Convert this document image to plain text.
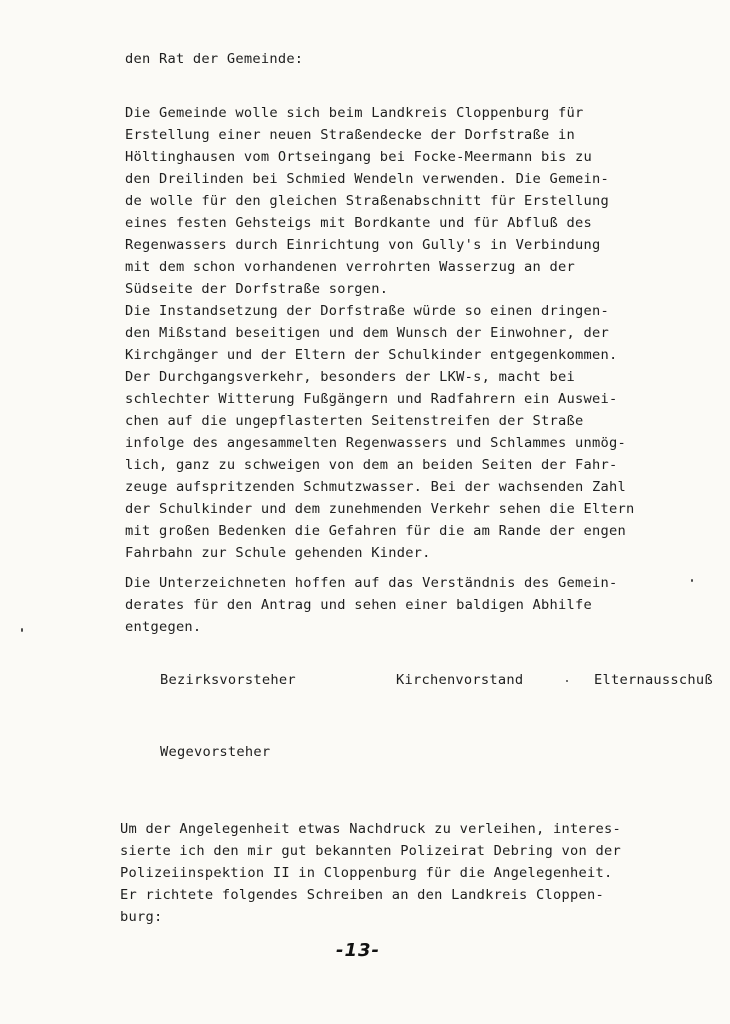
den Rat der Gemeinde:
Die Gemeinde wolle sich beim Landkreis Cloppenburg für
Erstellung einer neuen Straßendecke der Dorfstraße in
Höltinghausen vom Ortseingang bei Focke-Meermann bis zu
den Dreilinden bei Schmied Wendeln verwenden. Die Gemein-
de wolle für den gleichen Straßenabschnitt für Erstellung
eines festen Gehsteigs mit Bordkante und für Abfluß des
Regenwassers durch Einrichtung von Gully's in Verbindung
mit dem schon vorhandenen verrohrten Wasserzug an der
Südseite der Dorfstraße sorgen.
Die Instandsetzung der Dorfstraße würde so einen dringen-
den Mißstand beseitigen und dem Wunsch der Einwohner, der
Kirchgänger und der Eltern der Schulkinder entgegenkommen.
Der Durchgangsverkehr, besonders der LKW-s, macht bei
schlechter Witterung Fußgängern und Radfahrern ein Auswei-
chen auf die ungepflasterten Seitenstreifen der Straße
infolge des angesammelten Regenwassers und Schlammes unmög-
lich, ganz zu schweigen von dem an beiden Seiten der Fahr-
zeuge aufspritzenden Schmutzwasser. Bei der wachsenden Zahl
der Schulkinder und dem zunehmenden Verkehr sehen die Eltern
mit großen Bedenken die Gefahren für die am Rande der engen
Fahrbahn zur Schule gehenden Kinder.
Die Unterzeichneten hoffen auf das Verständnis des Gemein-
derates für den Antrag und sehen einer baldigen Abhilfe
entgegen.
Bezirksvorsteher	Kirchenvorstand	Elternausschuß
Wegevorsteher
Um der Angelegenheit etwas Nachdruck zu verleihen, interes-
sierte ich den mir gut bekannten Polizeirat Debring von der
Polizeiinspektion II in Cloppenburg für die Angelegenheit.
Er richtete folgendes Schreiben an den Landkreis Cloppen-
burg:
-13-
